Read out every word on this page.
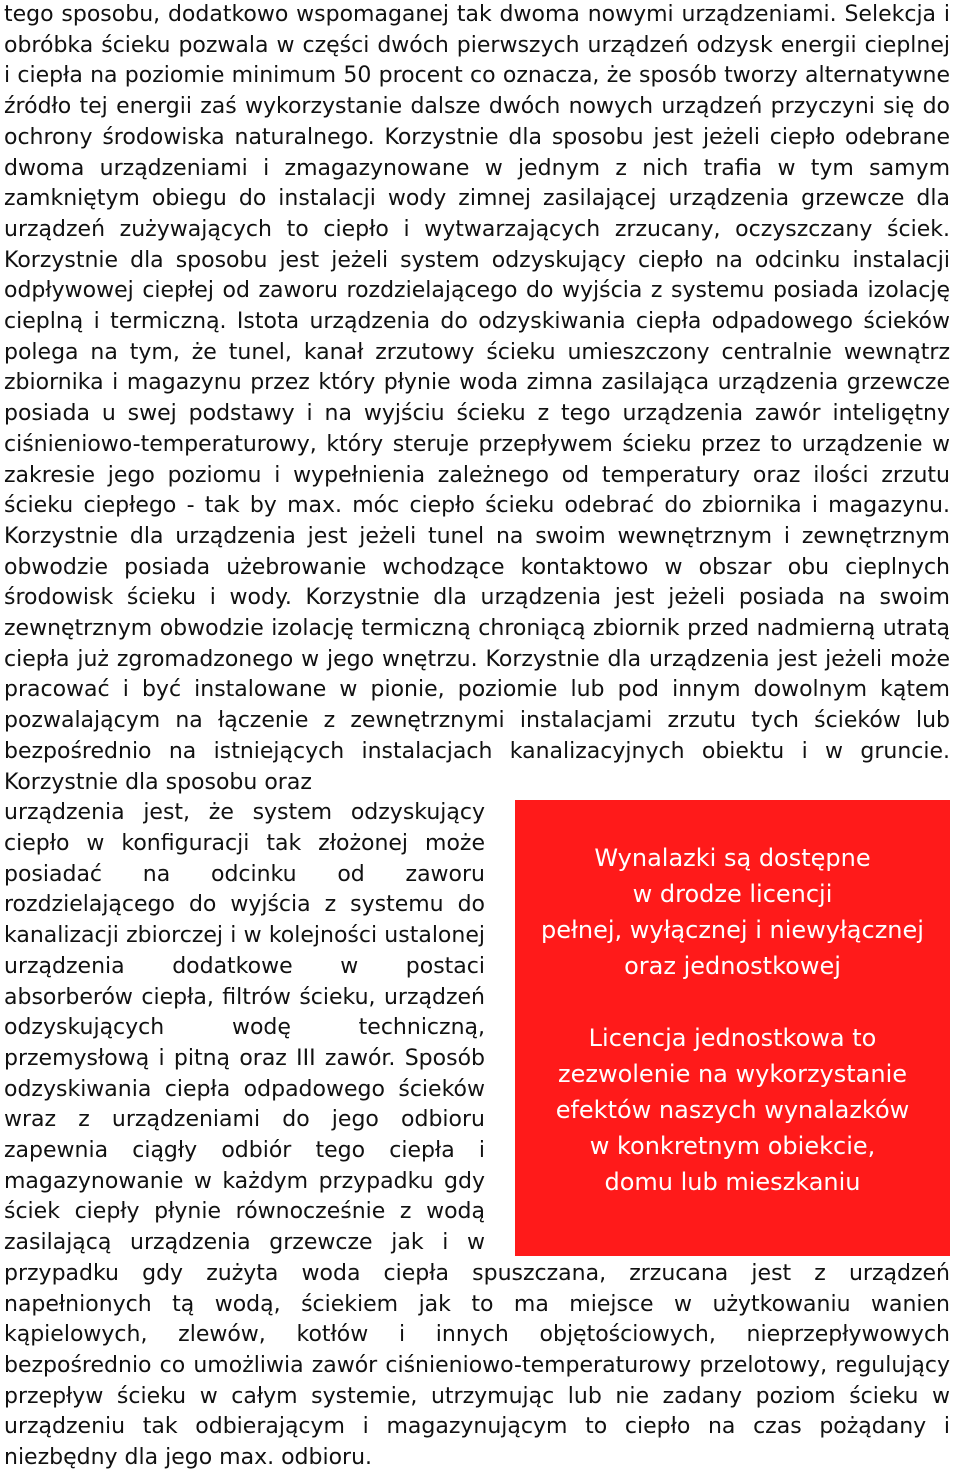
tego sposobu, dodatkowo wspomaganej tak dwoma nowymi urządzeniami. Selekcja i obróbka ścieku pozwala w części dwóch pierwszych urządzeń odzysk energii cieplnej i ciepła na poziomie minimum 50 procent co oznacza, że sposób tworzy alternatywne źródło tej energii zaś wykorzystanie dalsze dwóch nowych urządzeń przyczyni się do ochrony środowiska naturalnego. Korzystnie dla sposobu jest jeżeli ciepło odebrane dwoma urządzeniami i zmagazynowane w jednym z nich trafia w tym samym zamkniętym obiegu do instalacji wody zimnej zasilającej urządzenia grzewcze dla urządzeń zużywających to ciepło i wytwarzających zrzucany, oczyszczany ściek. Korzystnie dla sposobu jest jeżeli system odzyskujący ciepło na odcinku instalacji odpływowej ciepłej od zaworu rozdzielającego do wyjścia z systemu posiada izolację cieplną i termiczną. Istota urządzenia do odzyskiwania ciepła odpadowego ścieków polega na tym, że tunel, kanał zrzutowy ścieku umieszczony centralnie wewnątrz zbiornika i magazynu przez który płynie woda zimna zasilająca urządzenia grzewcze posiada u swej podstawy i na wyjściu ścieku z tego urządzenia zawór inteligętny ciśnieniowo-temperaturowy, który steruje przepływem ścieku przez to urządzenie w zakresie jego poziomu i wypełnienia zależnego od temperatury oraz ilości zrzutu ścieku ciepłego - tak by max. móc ciepło ścieku odebrać do zbiornika i magazynu. Korzystnie dla urządzenia jest jeżeli tunel na swoim wewnętrznym i zewnętrznym obwodzie posiada użebrowanie wchodzące kontaktowo w obszar obu cieplnych środowisk ścieku i wody. Korzystnie dla urządzenia jest jeżeli posiada na swoim zewnętrznym obwodzie izolację termiczną chroniącą zbiornik przed nadmierną utratą ciepła już zgromadzonego w jego wnętrzu. Korzystnie dla urządzenia jest jeżeli może pracować i być instalowane w pionie, poziomie lub pod innym dowolnym kątem pozwalającym na łączenie z zewnętrznymi instalacjami zrzutu tych ścieków lub bezpośrednio na istniejących instalacjach kanalizacyjnych obiektu i w gruncie. Korzystnie dla sposobu oraz

Wynalazki są dostępne
w drodze licencji
pełnej, wyłącznej i niewyłącznej
oraz jednostkowej
Licencja jednostkowa to
zezwolenie na wykorzystanie
efektów naszych wynalazków
w konkretnym obiekcie,
domu lub mieszkaniu

urządzenia jest, że system odzyskujący ciepło w konfiguracji tak złożonej może posiadać na odcinku od zaworu rozdzielającego do wyjścia z systemu do kanalizacji zbiorczej i w kolejności ustalonej urządzenia dodatkowe w postaci absorberów ciepła, filtrów ścieku, urządzeń odzyskujących wodę techniczną, przemysłową i pitną oraz III zawór. Sposób odzyskiwania ciepła odpadowego ścieków wraz z urządzeniami do jego odbioru zapewnia ciągły odbiór tego ciepła i magazynowanie w każdym przypadku gdy ściek ciepły płynie równocześnie z wodą zasilającą urządzenia grzewcze jak i w przypadku gdy zużyta woda ciepła spuszczana, zrzucana jest z urządzeń napełnionych tą wodą, ściekiem jak to ma miejsce w użytkowaniu wanien kąpielowych, zlewów, kotłów i innych objętościowych, nieprzepływowych bezpośrednio co umożliwia zawór ciśnieniowo-temperaturowy przelotowy, regulujący przepływ ścieku w całym systemie, utrzymując lub nie zadany poziom ścieku w urządzeniu tak odbierającym i magazynującym to ciepło na czas pożądany i niezbędny dla jego max. odbioru.
